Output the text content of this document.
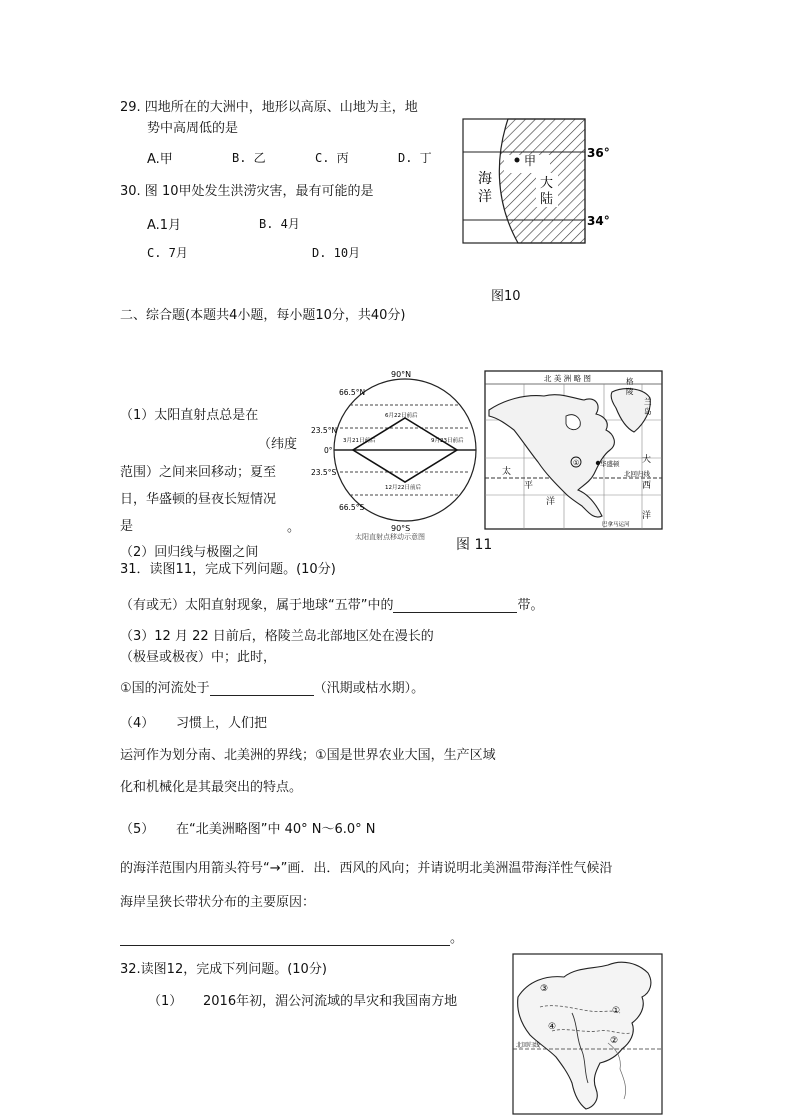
29. 四地所在的大洲中，地形以高原、山地为主，地
势中高周低的是
A.甲	B. 乙	C. 丙	D. 丁
30. 图 10甲处发生洪涝灾害，最有可能的是
A.1月	B. 4月
C. 7月	D. 10月
甲
大
陆
海
洋
36°
34°
图10
二、综合题(本题共4小题，每小题10分，共40分)
（1）太阳直射点总是在
（纬度
范围）之间来回移动；夏至
日，华盛顿的昼夜长短情况
是	。
（2）回归线与极圈之间
90°N
90°S
66.5°N
23.5°N
0°
23.5°S
66.5°S
6月22日前后
3月21日前后	9月23日前后
12月22日前后
太阳直射点移动示意图
①	华盛顿
北 美 洲 略 图	格
陵
兰
岛
太
平
洋
大
西
洋
北回归线
巴拿马运河
图 11
31．读图11，完成下列问题。(10分)
（有或无）太阳直射现象，属于地球“五带”中的	带。
（3）12 月 22 日前后，格陵兰岛北部地区处在漫长的
（极昼或极夜）中；此时，
①国的河流处于	（汛期或枯水期）。
（4） 习惯上，人们把
运河作为划分南、北美洲的界线；①国是世界农业大国，生产区域
化和机械化是其最突出的特点。
（5） 在“北美洲略图”中 40° N～6.0° N
的海洋范围内用箭头符号“→”画．出．西风的风向；并请说明北美洲温带海洋性气候沿
海岸呈狭长带状分布的主要原因：
。
32.读图12，完成下列问题。(10分)
（1） 2016年初，湄公河流域的旱灾和我国南方地
③
①
④
②
北回归线
